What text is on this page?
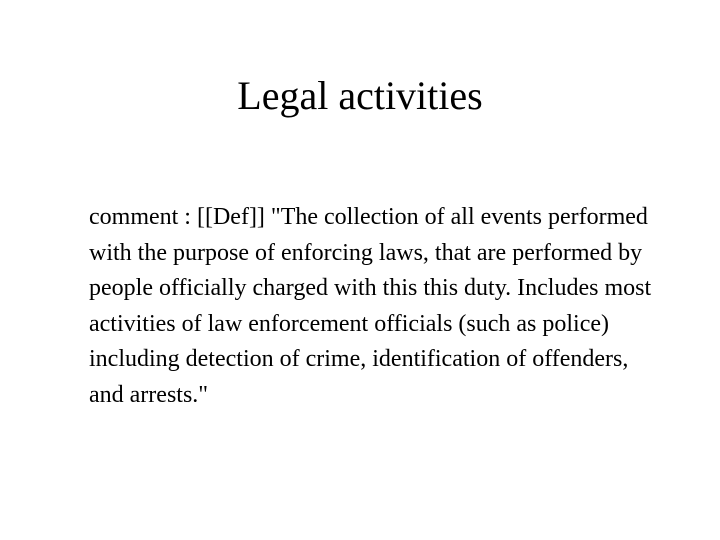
Legal activities

comment : [[Def]] "The collection of all events performed with the purpose of enforcing laws, that are performed by people officially charged with this this duty. Includes most activities of law enforcement officials (such as police) including detection of crime, identification of offenders, and arrests."
